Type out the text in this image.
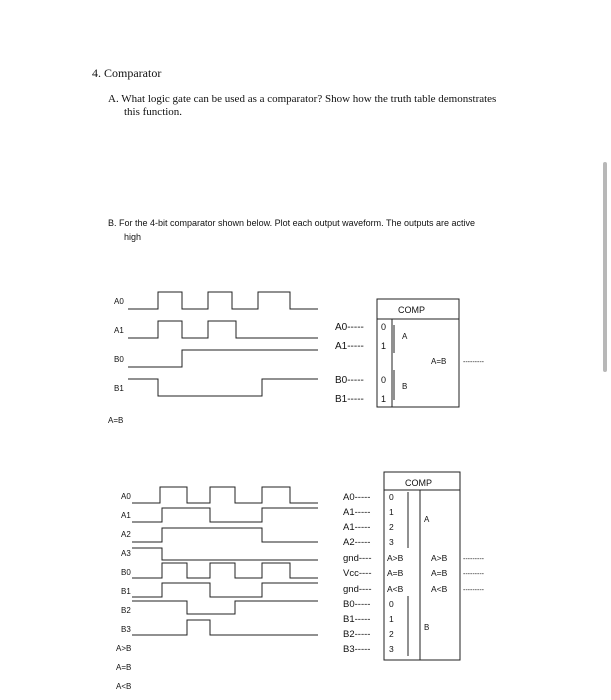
4. Comparator
A. What logic gate can be used as a comparator? Show how the truth table demonstrates
this function.
B. For the 4-bit comparator shown below. Plot each output waveform. The outputs are active
high
A0
A1
B0
B1
A=B
COMP
A0-----
A1-----
B0-----
B1-----
0
1
0
1
A
B
A=B ---------
A0
A1
A2
A3
B0
B1
B2
B3
A>B
A=B
A<B
COMP
A0-----
A1-----
A1-----
A2-----
gnd----
Vcc----
gnd----
B0-----
B1-----
B2-----
B3-----
0
1
2
3
A>B
A=B
A<B
0
1
2
3
A
B
A>B
A=B
A<B
---------
---------
---------
